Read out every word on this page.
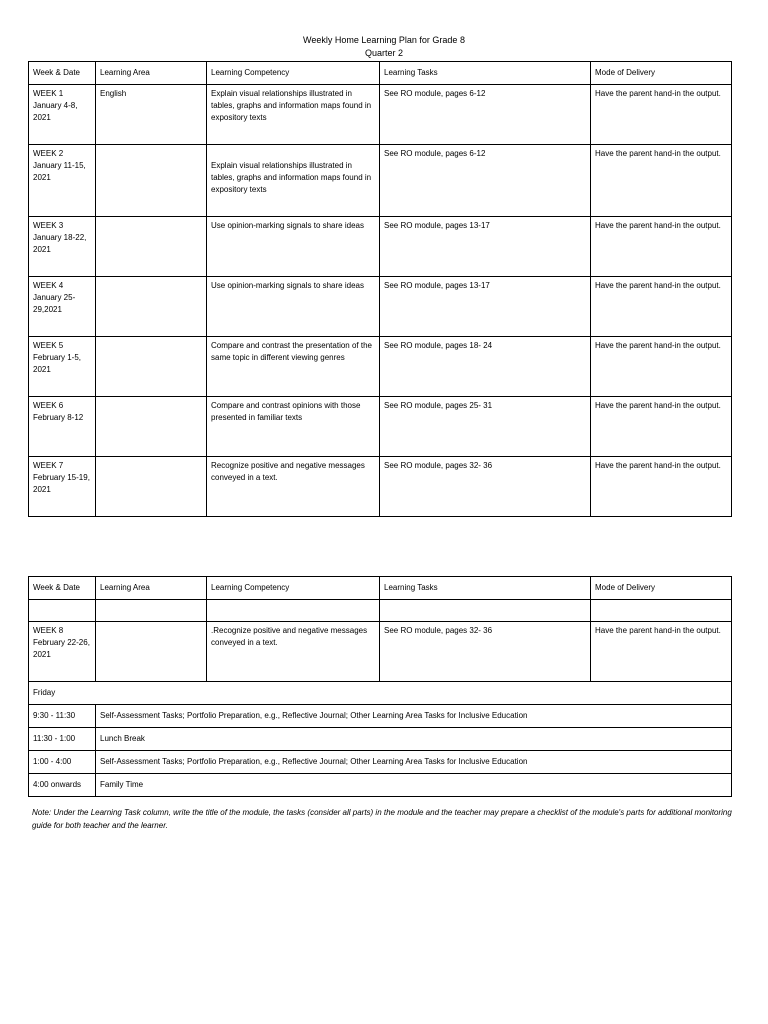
Weekly Home Learning Plan for Grade 8
Quarter 2
Week & Date	Learning Area	Learning Competency	Learning Tasks	Mode of Delivery
WEEK 1
January 4-8, 2021	English	Explain visual relationships illustrated in tables, graphs and information maps found in expository texts	See RO module, pages 6-12	Have the parent hand-in the output.
WEEK 2
January 11-15, 2021		Explain visual relationships illustrated in tables, graphs and information maps found in expository texts	See RO module, pages 6-12	Have the parent hand-in the output.
WEEK 3
January 18-22, 2021		Use opinion-marking signals to share ideas	See RO module, pages 13-17	Have the parent hand-in the output.
WEEK 4
January 25-29,2021		Use opinion-marking signals to share ideas	See RO module, pages 13-17	Have the parent hand-in the output.
WEEK 5
February 1-5, 2021		Compare and contrast the presentation of the same topic in different viewing genres	See RO module, pages 18- 24	Have the parent hand-in the output.
WEEK 6
February 8-12		Compare and contrast opinions with those presented in familiar texts	See RO module, pages 25- 31	Have the parent hand-in the output.
WEEK 7
February 15-19, 2021		Recognize positive and negative messages conveyed in a text.	See RO module, pages 32- 36	Have the parent hand-in the output.
Week & Date	Learning Area	Learning Competency	Learning Tasks	Mode of Delivery

WEEK 8
February 22-26, 2021		.Recognize positive and negative messages conveyed in a text.	See RO module, pages 32- 36	Have the parent hand-in the output.
Friday				
9:30 - 11:30	Self-Assessment Tasks; Portfolio Preparation, e.g., Reflective Journal; Other Learning Area Tasks for Inclusive Education			
11:30 - 1:00	Lunch Break			
1:00 - 4:00	Self-Assessment Tasks; Portfolio Preparation, e.g., Reflective Journal; Other Learning Area Tasks for Inclusive Education			
4:00 onwards	Family Time			
Note: Under the Learning Task column, write the title of the module, the tasks (consider all parts) in the module and the teacher may prepare a checklist of the module's parts for additional monitoring guide for both teacher and the learner.
